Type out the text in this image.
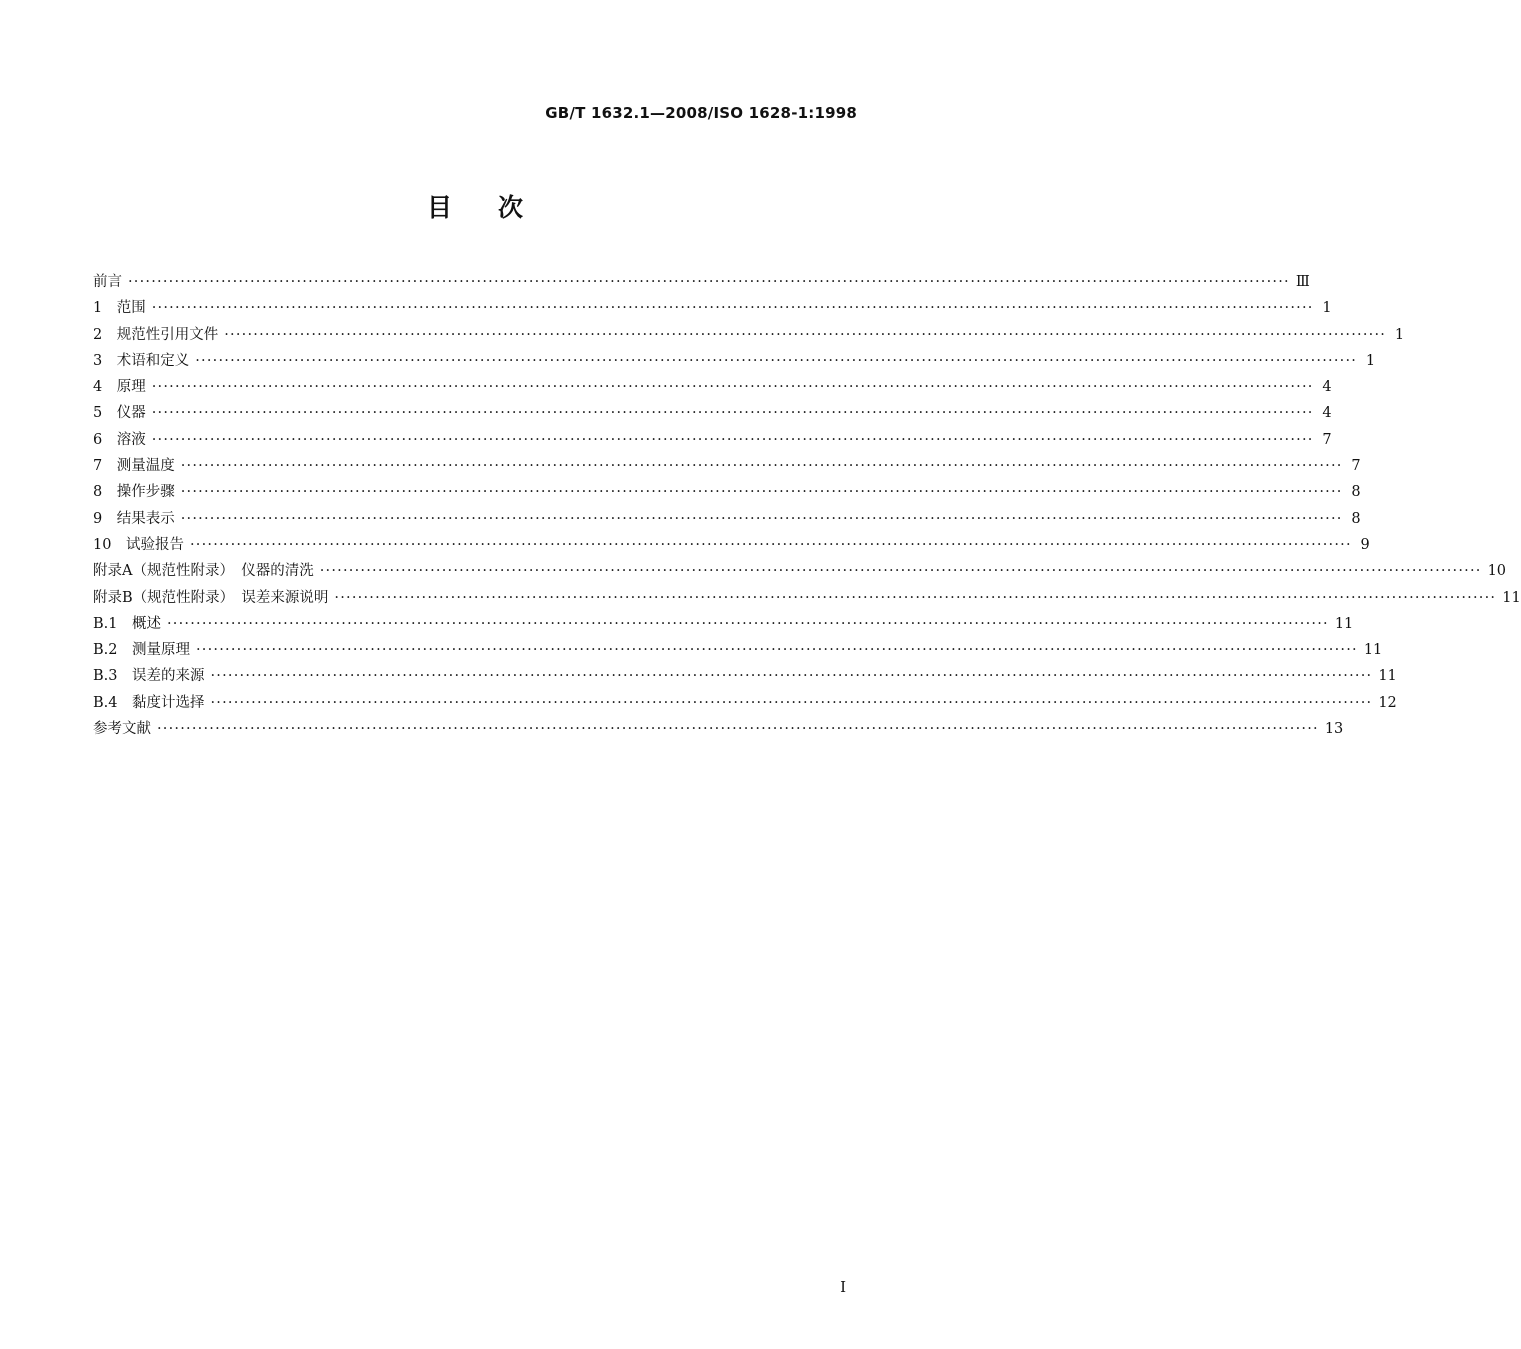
GB/T 1632.1—2008/ISO 1628-1:1998
目次
前言 ········································································································································································································ Ⅲ
1　范围 ········································································································································································································ 1
2　规范性引用文件 ········································································································································································································ 1
3　术语和定义 ········································································································································································································ 1
4　原理 ········································································································································································································ 4
5　仪器 ········································································································································································································ 4
6　溶液 ········································································································································································································ 7
7　测量温度 ········································································································································································································ 7
8　操作步骤 ········································································································································································································ 8
9　结果表示 ········································································································································································································ 8
10　试验报告 ········································································································································································································ 9
附录A（规范性附录）　仪器的清洗 ········································································································································································································ 10
附录B（规范性附录）　误差来源说明 ········································································································································································································ 11
B.1　概述 ········································································································································································································ 11
B.2　测量原理 ········································································································································································································ 11
B.3　误差的来源 ········································································································································································································ 11
B.4　黏度计选择 ········································································································································································································ 12
参考文献 ········································································································································································································ 13
I
